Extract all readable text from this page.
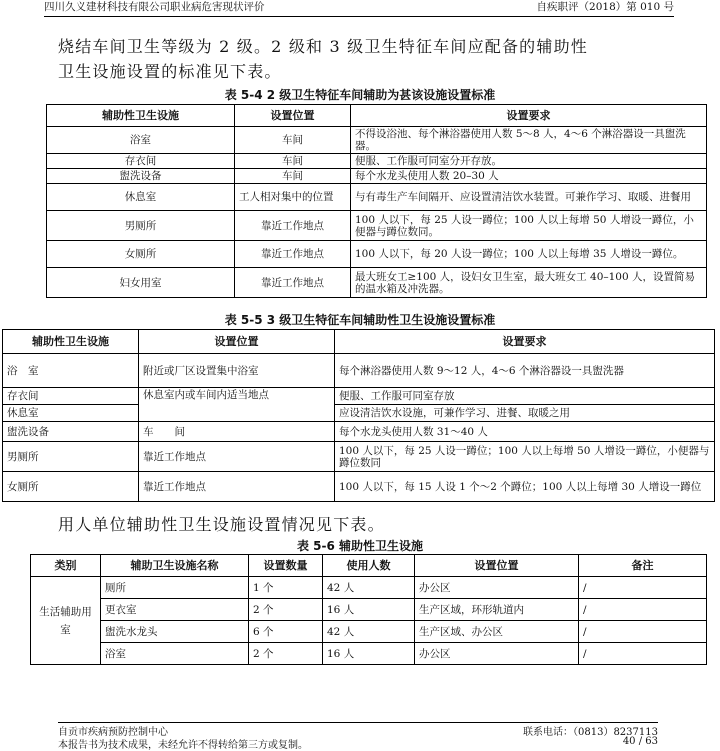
四川久义建材科技有限公司职业病危害现状评价	自疾职评（2018）第 010 号
烧结车间卫生等级为 2 级。2 级和 3 级卫生特征车间应配备的辅助性
卫生设施设置的标准见下表。
表 5-4 2 级卫生特征车间辅助为甚该设施设置标准
辅助性卫生设施	设置位置	设置要求
浴室	车间	不得设浴池、每个淋浴器使用人数 5～8 人，4～6 个淋浴器设一具盥洗器。
存衣间	车间	便服、工作服可同室分开存放。
盥洗设备	车间	每个水龙头使用人数 20–30 人
休息室	工人相对集中的位置	与有毒生产车间隔开、应设置清洁饮水装置。可兼作学习、取暖、进餐用
男厕所	靠近工作地点	100 人以下，每 25 人设一蹲位；100 人以上每增 50 人增设一蹲位，小便器与蹲位数同。
女厕所	靠近工作地点	100 人以下，每 20 人设一蹲位；100 人以上每增 35 人增设一蹲位。
妇女用室	靠近工作地点	最大班女工≥100 人，设妇女卫生室，最大班女工 40–100 人，设置简易的温水箱及冲洗器。
表 5-5 3 级卫生特征车间辅助性卫生设施设置标准
辅助性卫生设施	设置位置	设置要求
浴　室	附近或厂区设置集中浴室	每个淋浴器使用人数 9～12 人，4～6 个淋浴器设一具盥洗器
存衣间	休息室内或车间内适当地点	便服、工作服可同室存放
休息室		应设清洁饮水设施，可兼作学习、进餐、取暖之用
盥洗设备	车　　间	每个水龙头使用人数 31～40 人
男厕所	靠近工作地点	100 人以下，每 25 人设一蹲位；100 人以上每增 50 人增设一蹲位，小便器与蹲位数同
女厕所	靠近工作地点	100 人以下，每 15 人设 1 个～2 个蹲位；100 人以上每增 30 人增设一蹲位
用人单位辅助性卫生设施设置情况见下表。
表 5-6 辅助性卫生设施
类别	辅助卫生设施名称	设置数量	使用人数	设置位置	备注
生活辅助用室	厕所	1 个	42 人	办公区	/
	更衣室	2 个	16 人	生产区域，环形轨道内	/
	盥洗水龙头	6 个	42 人	生产区域、办公区	/
	浴室	2 个	16 人	办公区	/
自贡市疾病预防控制中心	联系电话：（0813）8237113
本报告书为技术成果，未经允许不得转给第三方或复制。	40 / 63
